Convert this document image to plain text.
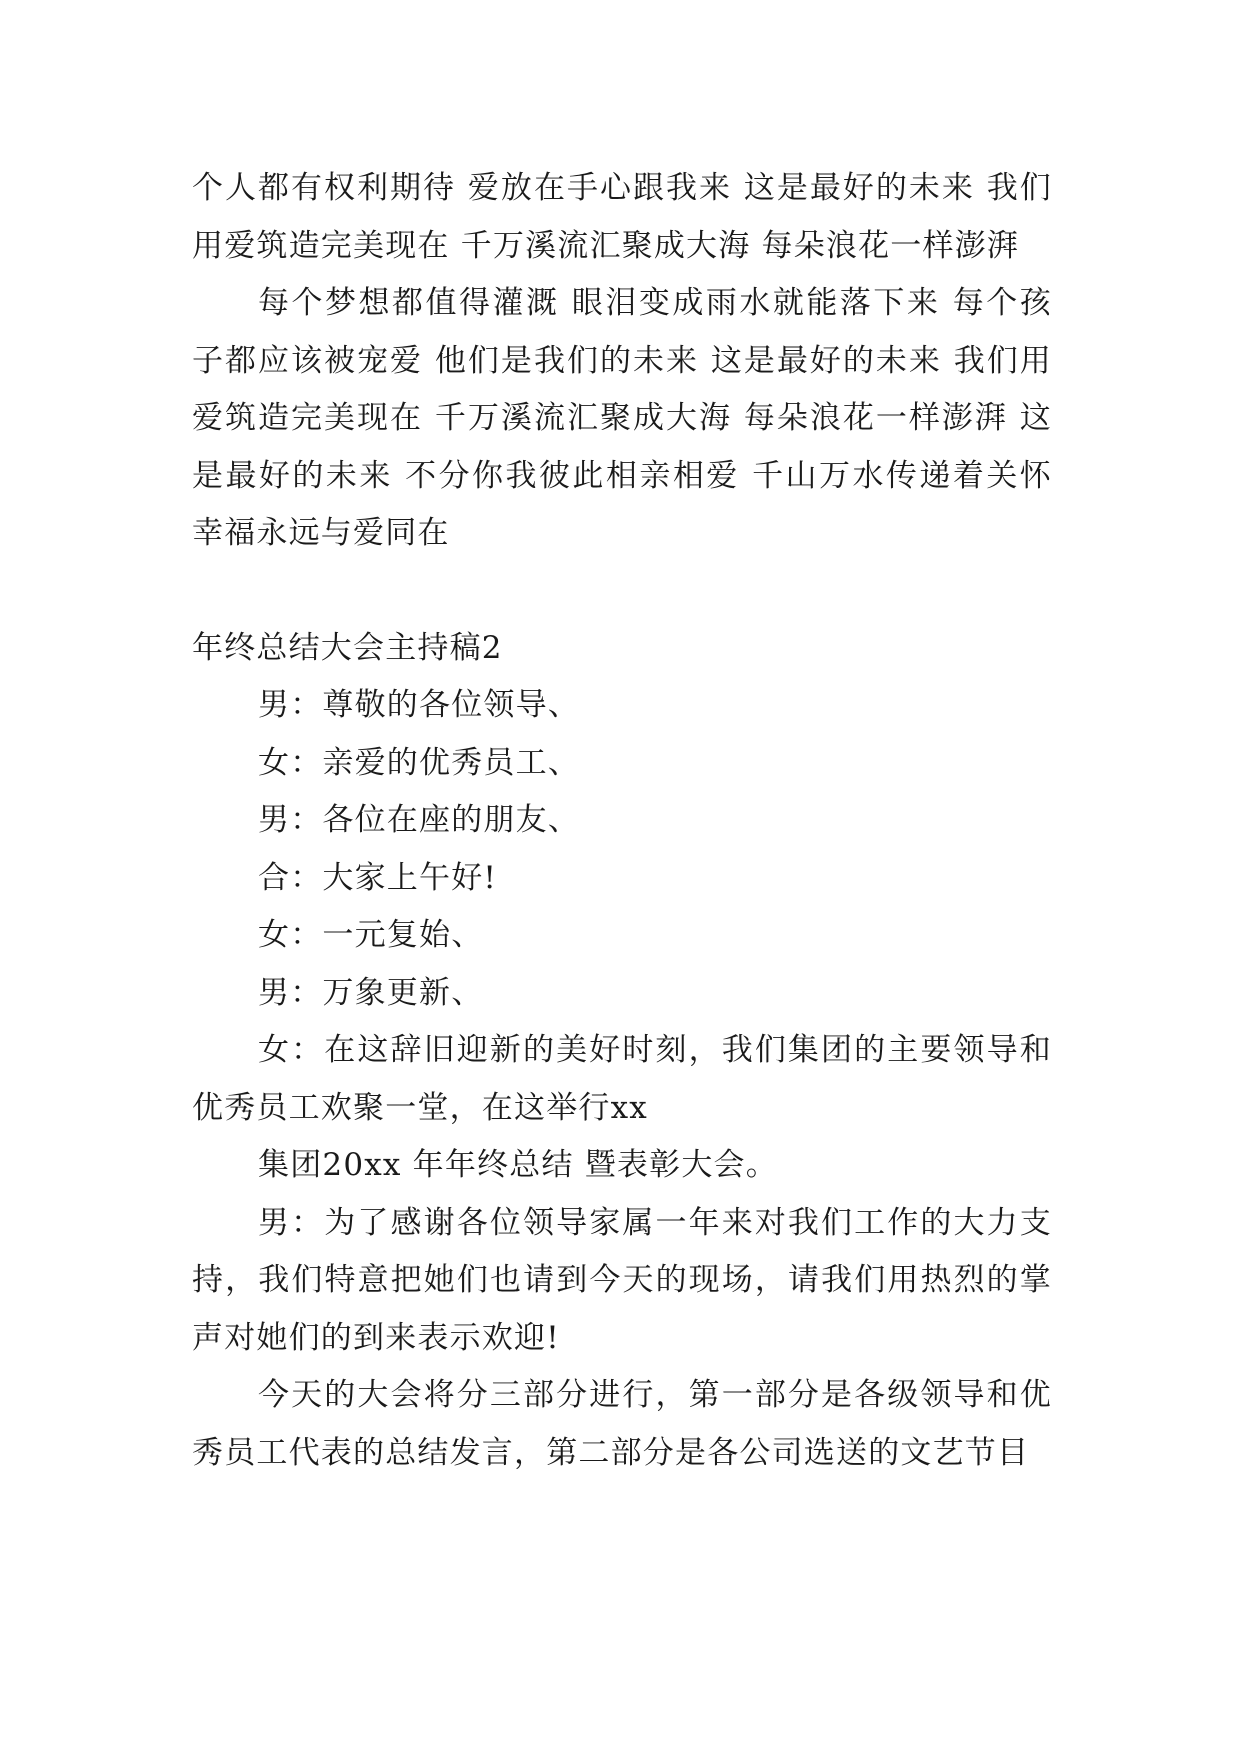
个人都有权利期待 爱放在手心跟我来 这是最好的未来 我们用爱筑造完美现在 千万溪流汇聚成大海 每朵浪花一样澎湃

每个梦想都值得灌溉 眼泪变成雨水就能落下来 每个孩子都应该被宠爱 他们是我们的未来 这是最好的未来 我们用爱筑造完美现在 千万溪流汇聚成大海 每朵浪花一样澎湃 这是最好的未来 不分你我彼此相亲相爱 千山万水传递着关怀 幸福永远与爱同在

年终总结大会主持稿2

男：尊敬的各位领导、

女：亲爱的优秀员工、

男：各位在座的朋友、

合：大家上午好!

女：一元复始、

男：万象更新、

女：在这辞旧迎新的美好时刻，我们集团的主要领导和优秀员工欢聚一堂，在这举行xx

集团20xx 年年终总结 暨表彰大会。

男：为了感谢各位领导家属一年来对我们工作的大力支持，我们特意把她们也请到今天的现场，请我们用热烈的掌声对她们的到来表示欢迎!

今天的大会将分三部分进行，第一部分是各级领导和优秀员工代表的总结发言，第二部分是各公司选送的文艺节目
